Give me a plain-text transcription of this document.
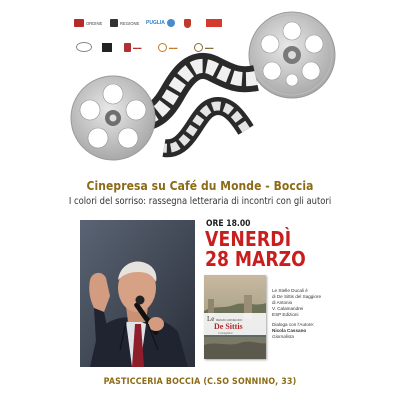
ORDINE	REGIONE PUGLIA
▬▬	▬▬	▬▬
Cinepresa su Café du Monde - Boccia
I colori del sorriso: rassegna letteraria di incontri con gli autori
ORE 18.00
VENERDÌ
28 MARZO
Le RENZO ARNEODO
De Sittis
Consigliere
Le Stelle Ducali è
di De Sittis del Saggiore
di Antonio
V. Calamandrei
ESP Edizioni
Dialoga con l'Autore:
Nicola Cassano
Giornalista
PASTICCERIA BOCCIA (C.SO SONNINO, 33)
